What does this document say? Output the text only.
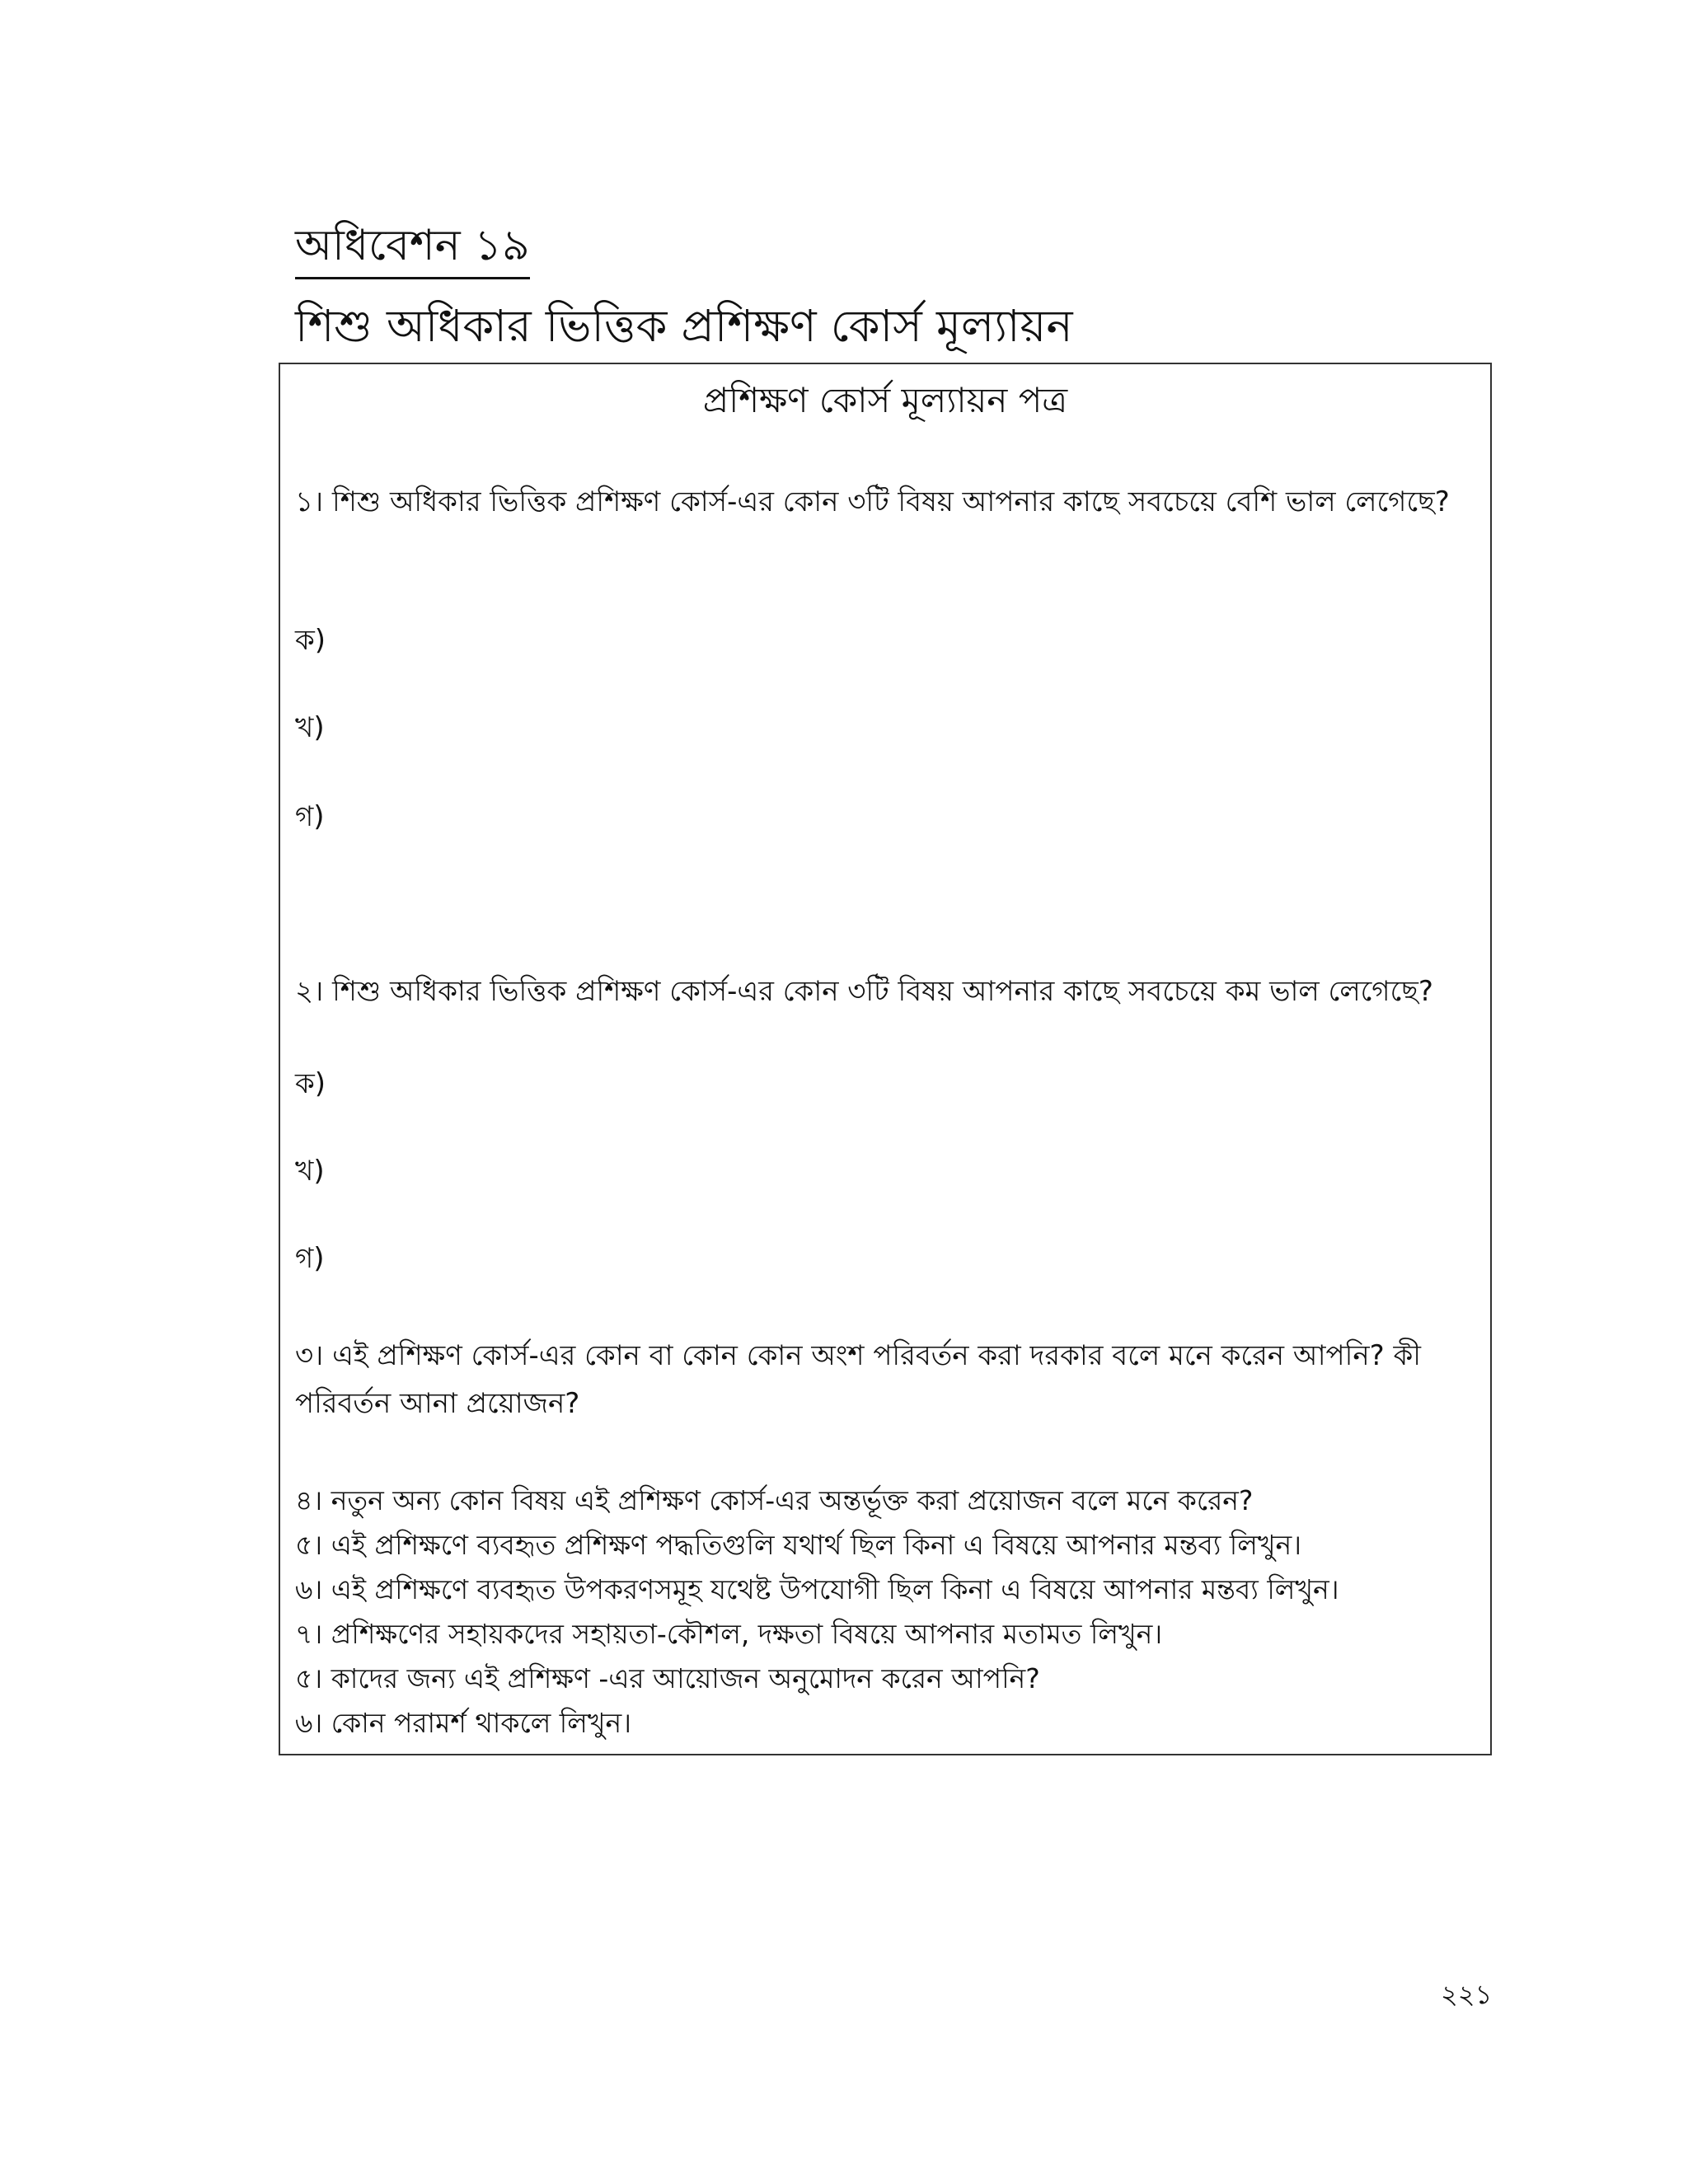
অধিবেশন ১৯
শিশু অধিকার ভিত্তিক প্রশিক্ষণ কোর্স মূল্যায়ন
প্রশিক্ষণ কোর্স মূল্যায়ন পত্র
১। শিশু অধিকার ভিত্তিক প্রশিক্ষণ কোর্স-এর কোন ৩টি বিষয় আপনার কাছে সবচেয়ে বেশি ভাল লেগেছে?
ক)
খ)
গ)
২। শিশু অধিকার ভিত্তিক প্রশিক্ষণ কোর্স-এর কোন ৩টি বিষয় আপনার কাছে সবচেয়ে কম ভাল লেগেছে?
ক)
খ)
গ)
৩। এই প্রশিক্ষণ কোর্স-এর কোন বা কোন কোন অংশ পরিবর্তন করা দরকার বলে মনে করেন আপনি? কী পরিবর্তন আনা প্রয়োজন?
৪। নতুন অন্য কোন বিষয় এই প্রশিক্ষণ কোর্স-এর অন্তর্ভূক্ত করা প্রয়োজন বলে মনে করেন?
৫। এই প্রশিক্ষণে ব্যবহৃত প্রশিক্ষণ পদ্ধতিগুলি যথার্থ ছিল কিনা এ বিষয়ে আপনার মন্তব্য লিখুন।
৬। এই প্রশিক্ষণে ব্যবহৃত উপকরণসমূহ যথেষ্ট উপযোগী ছিল কিনা এ বিষয়ে আপনার মন্তব্য লিখুন।
৭। প্রশিক্ষণের সহায়কদের সহায়তা-কৌশল, দক্ষতা বিষয়ে আপনার মতামত লিখুন।
৫। কাদের জন্য এই প্রশিক্ষণ -এর আয়োজন অনুমোদন করেন আপনি?
৬। কোন পরামর্শ থাকলে লিখুন।
২২১
